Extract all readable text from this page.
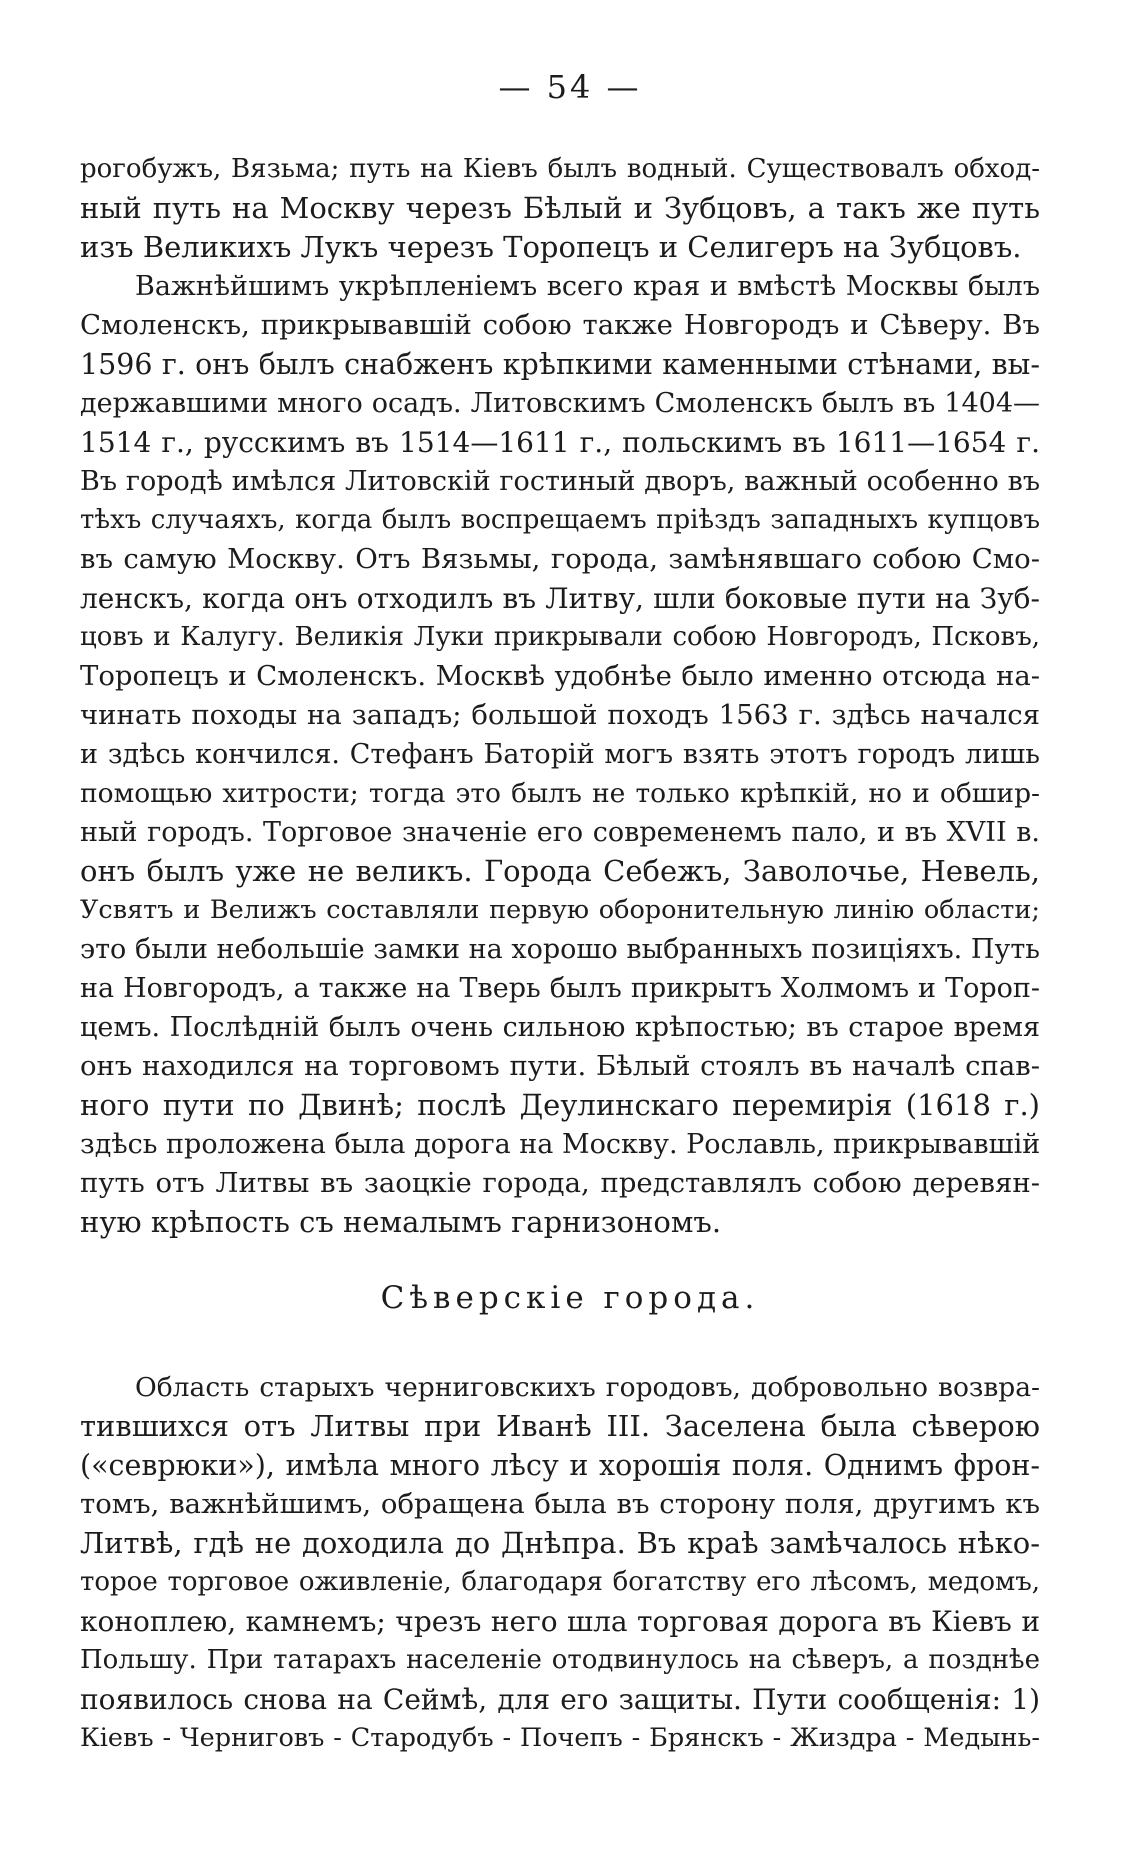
— 54 —
рогобужъ, Вязьма; путь на Кіевъ былъ водный. Существовалъ обход-
ный путь на Москву черезъ Бѣлый и Зубцовъ, а такъ же путь
изъ Великихъ Лукъ черезъ Торопецъ и Селигеръ на Зубцовъ.
Важнѣйшимъ укрѣпленіемъ всего края и вмѣстѣ Москвы былъ
Смоленскъ, прикрывавшій собою также Новгородъ и Сѣверу. Въ
1596 г. онъ былъ снабженъ крѣпкими каменными стѣнами, вы-
державшими много осадъ. Литовскимъ Смоленскъ былъ въ 1404—
1514 г., русскимъ въ 1514—1611 г., польскимъ въ 1611—1654 г.
Въ городѣ имѣлся Литовскій гостиный дворъ, важный особенно въ
тѣхъ случаяхъ, когда былъ воспрещаемъ пріѣздъ западныхъ купцовъ
въ самую Москву. Отъ Вязьмы, города, замѣнявшаго собою Смо-
ленскъ, когда онъ отходилъ въ Литву, шли боковые пути на Зуб-
цовъ и Калугу. Великія Луки прикрывали собою Новгородъ, Псковъ,
Торопецъ и Смоленскъ. Москвѣ удобнѣе было именно отсюда на-
чинать походы на западъ; большой походъ 1563 г. здѣсь начался
и здѣсь кончился. Стефанъ Баторій могъ взять этотъ городъ лишь
помощью хитрости; тогда это былъ не только крѣпкій, но и обшир-
ный городъ. Торговое значеніе его современемъ пало, и въ XVII в.
онъ былъ уже не великъ. Города Себежъ, Заволочье, Невель,
Усвятъ и Велижъ составляли первую оборонительную линію области;
это были небольшіе замки на хорошо выбранныхъ позиціяхъ. Путь
на Новгородъ, а также на Тверь былъ прикрытъ Холмомъ и Тороп-
цемъ. Послѣдній былъ очень сильною крѣпостью; въ старое время
онъ находился на торговомъ пути. Бѣлый стоялъ въ началѣ спав-
ного пути по Двинѣ; послѣ Деулинскаго перемирія (1618 г.)
здѣсь проложена была дорога на Москву. Рославль, прикрывавшій
путь отъ Литвы въ заоцкіе города, представлялъ собою деревян-
ную крѣпость съ немалымъ гарнизономъ.
Сѣверскіе города.
Область старыхъ черниговскихъ городовъ, добровольно возвра-
тившихся отъ Литвы при Иванѣ III. Заселена была сѣверою
(«севрюки»), имѣла много лѣсу и хорошія поля. Однимъ фрон-
томъ, важнѣйшимъ, обращена была въ сторону поля, другимъ къ
Литвѣ, гдѣ не доходила до Днѣпра. Въ краѣ замѣчалось нѣко-
торое торговое оживленіе, благодаря богатству его лѣсомъ, медомъ,
коноплею, камнемъ; чрезъ него шла торговая дорога въ Кіевъ и
Польшу. При татарахъ населеніе отодвинулось на сѣверъ, а позднѣе
появилось снова на Сеймѣ, для его защиты. Пути сообщенія: 1)
Кіевъ - Черниговъ - Стародубъ - Почепъ - Брянскъ - Жиздра - Медынь-
